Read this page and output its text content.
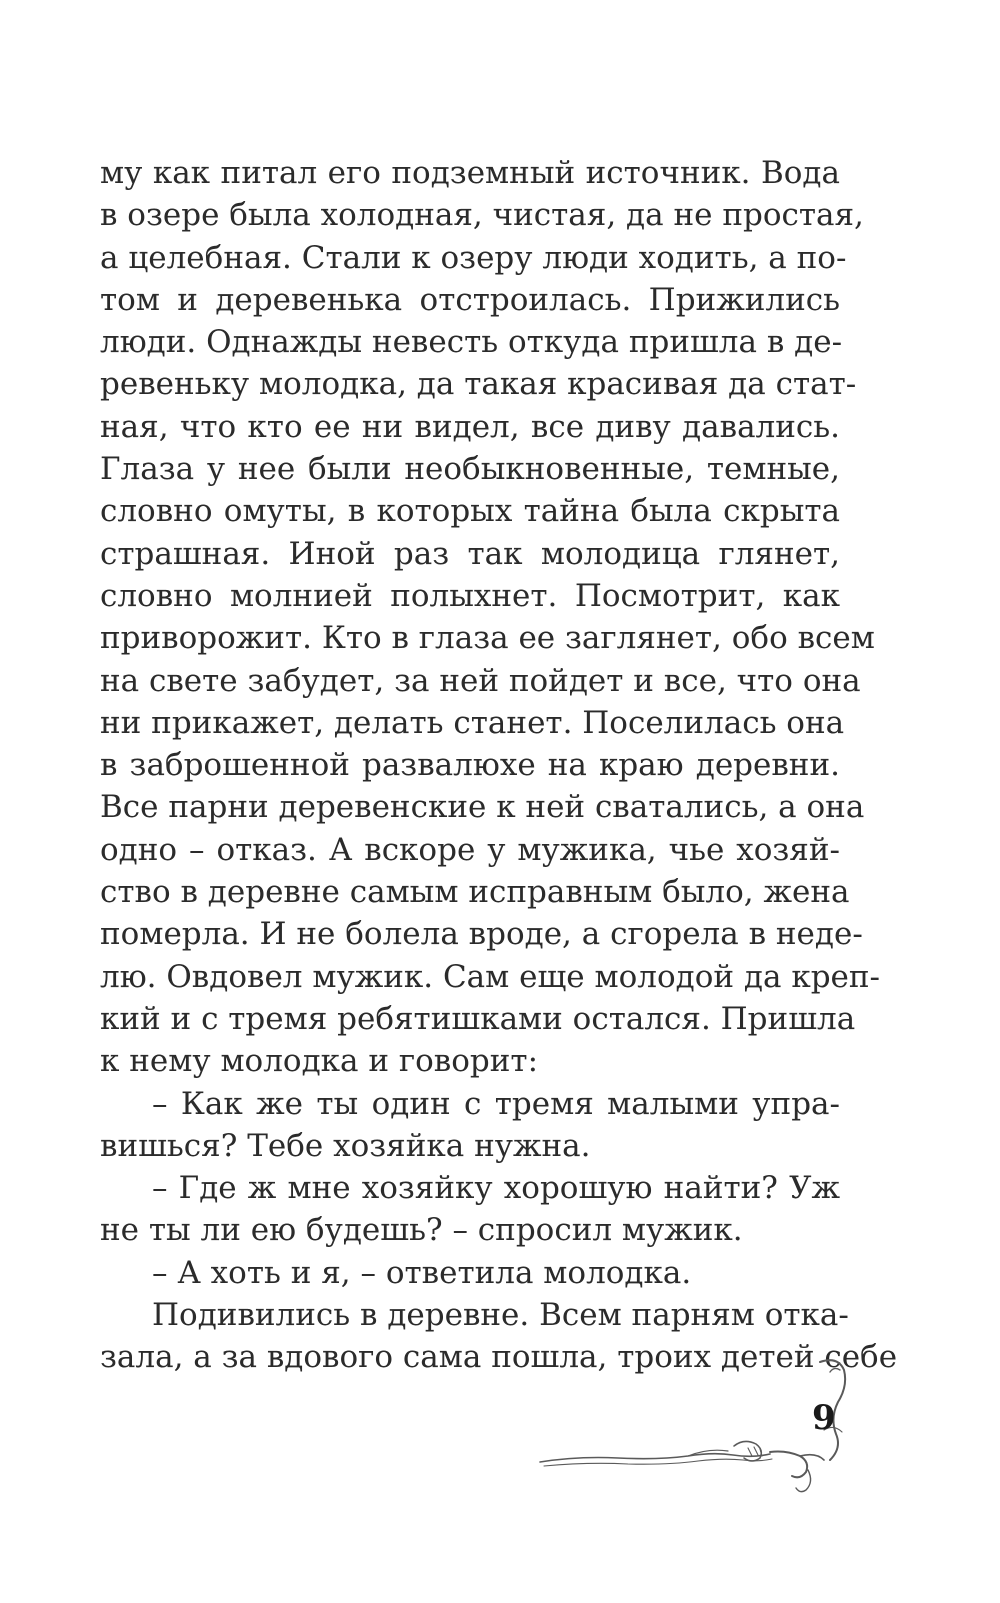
му как питал его подземный источник. Вода
в озере была холодная, чистая, да не простая,
а целебная. Стали к озеру люди ходить, а по-
том и деревенька отстроилась. Прижились
люди. Однажды невесть откуда пришла в де-
ревеньку молодка, да такая красивая да стат-
ная, что кто ее ни видел, все диву давались.
Глаза у нее были необыкновенные, темные,
словно омуты, в которых тайна была скрыта
страшная. Иной раз так молодица глянет,
словно молнией полыхнет. Посмотрит, как
приворожит. Кто в глаза ее заглянет, обо всем
на свете забудет, за ней пойдет и все, что она
ни прикажет, делать станет. Поселилась она
в заброшенной развалюхе на краю деревни.
Все парни деревенские к ней сватались, а она
одно – отказ. А вскоре у мужика, чье хозяй-
ство в деревне самым исправным было, жена
померла. И не болела вроде, а сгорела в неде-
лю. Овдовел мужик. Сам еще молодой да креп-
кий и с тремя ребятишками остался. Пришла
к нему молодка и говорит:
– Как же ты один с тремя малыми упра-
вишься? Тебе хозяйка нужна.
– Где ж мне хозяйку хорошую найти? Уж
не ты ли ею будешь? – спросил мужик.
– А хоть и я, – ответила молодка.
Подивились в деревне. Всем парням отка-
зала, а за вдового сама пошла, троих детей себе
9
